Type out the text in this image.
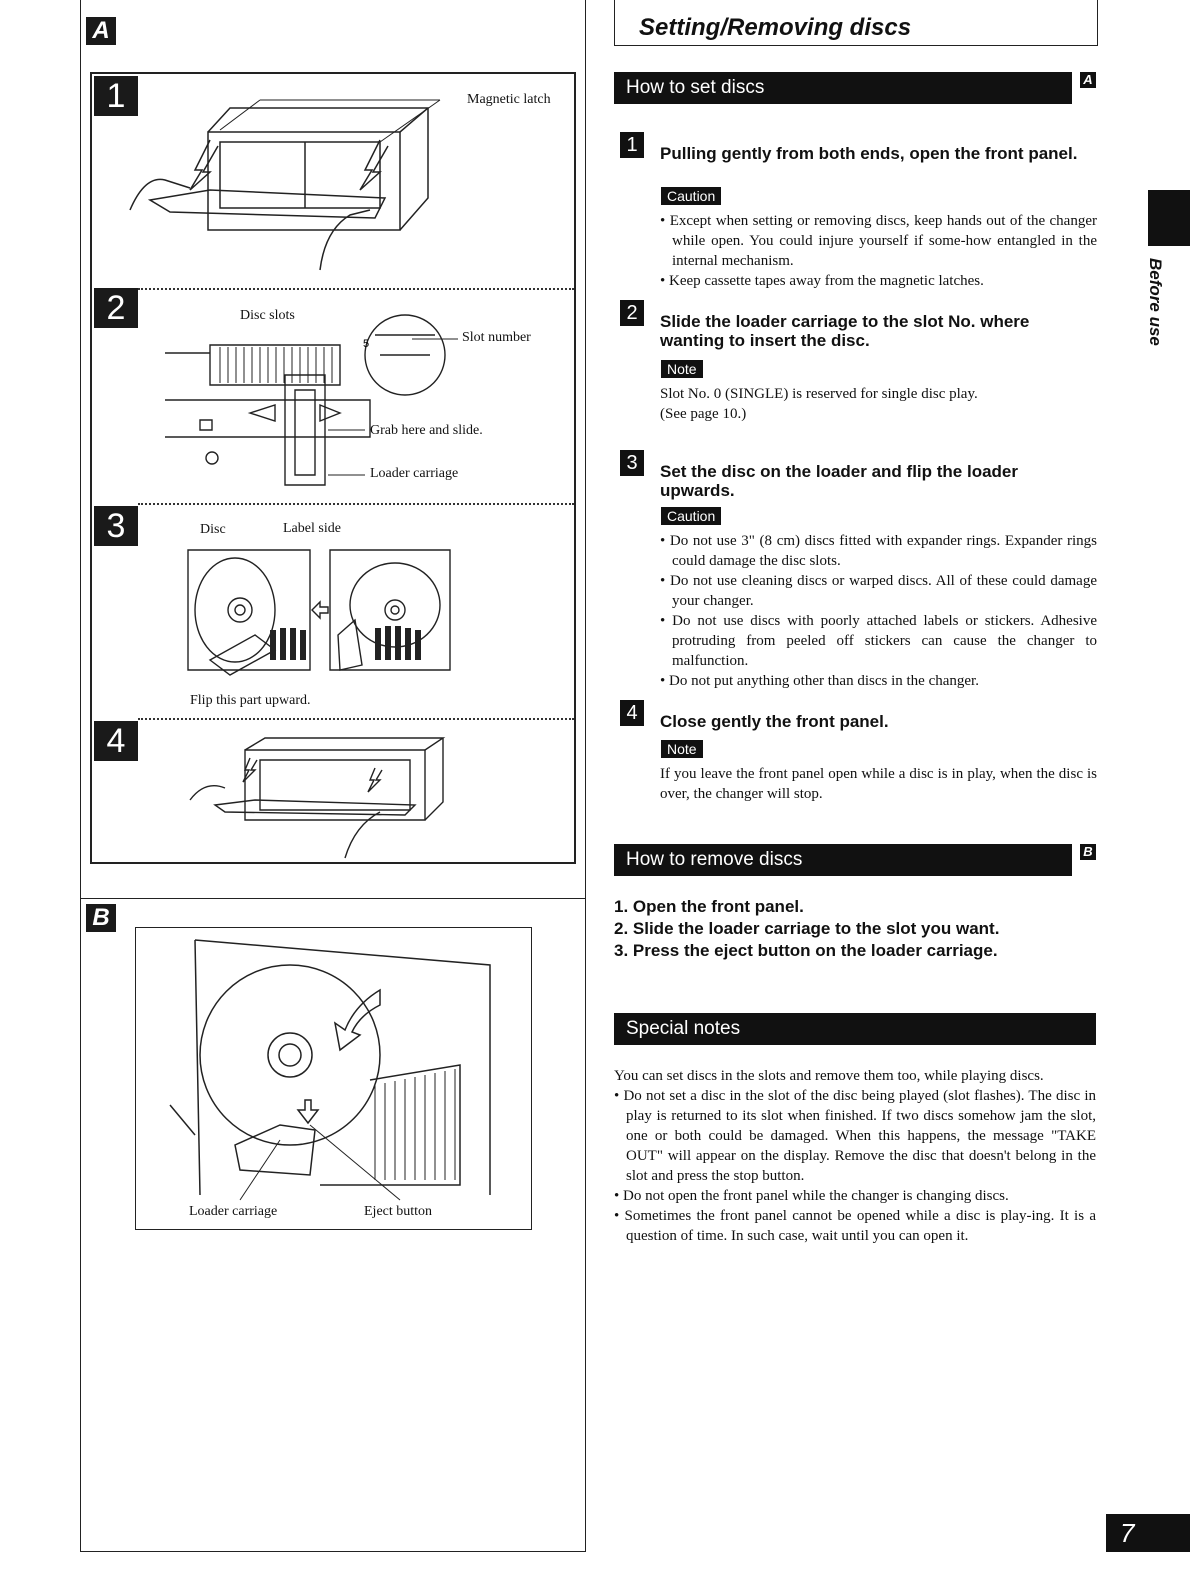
A
1	Magnetic latch
2
5
Disc slots
Slot number
Grab here and slide.
Loader carriage
3	Disc	Label side
Flip this part upward.
4
B
Loader carriage	Eject button
Setting/Removing discs
How to set discs	A
1	Pulling gently from both ends, open the front panel.
Caution
• Except when setting or removing discs, keep hands out of the changer while open. You could injure yourself if some-how entangled in the internal mechanism.
• Keep cassette tapes away from the magnetic latches.
2	Slide the loader carriage to the slot No. where wanting to insert the disc.
Note
Slot No. 0 (SINGLE) is reserved for single disc play.
(See page 10.)
3	Set the disc on the loader and flip the loader upwards.
Caution
• Do not use 3" (8 cm) discs fitted with expander rings. Expander rings could damage the disc slots.
• Do not use cleaning discs or warped discs. All of these could damage your changer.
• Do not use discs with poorly attached labels or stickers. Adhesive protruding from peeled off stickers can cause the changer to malfunction.
• Do not put anything other than discs in the changer.
4	Close gently the front panel.
Note
If you leave the front panel open while a disc is in play, when the disc is over, the changer will stop.
How to remove discs	B
1. Open the front panel.
2. Slide the loader carriage to the slot you want.
3. Press the eject button on the loader carriage.
Special notes
You can set discs in the slots and remove them too, while playing discs.
• Do not set a disc in the slot of the disc being played (slot flashes). The disc in play is returned to its slot when finished. If two discs somehow jam the slot, one or both could be damaged. When this happens, the message "TAKE OUT" will appear on the display. Remove the disc that doesn't belong in the slot and press the stop button.
• Do not open the front panel while the changer is changing discs.
• Sometimes the front panel cannot be opened while a disc is play-ing. It is a question of time. In such case, wait until you can open it.
Before use
7
